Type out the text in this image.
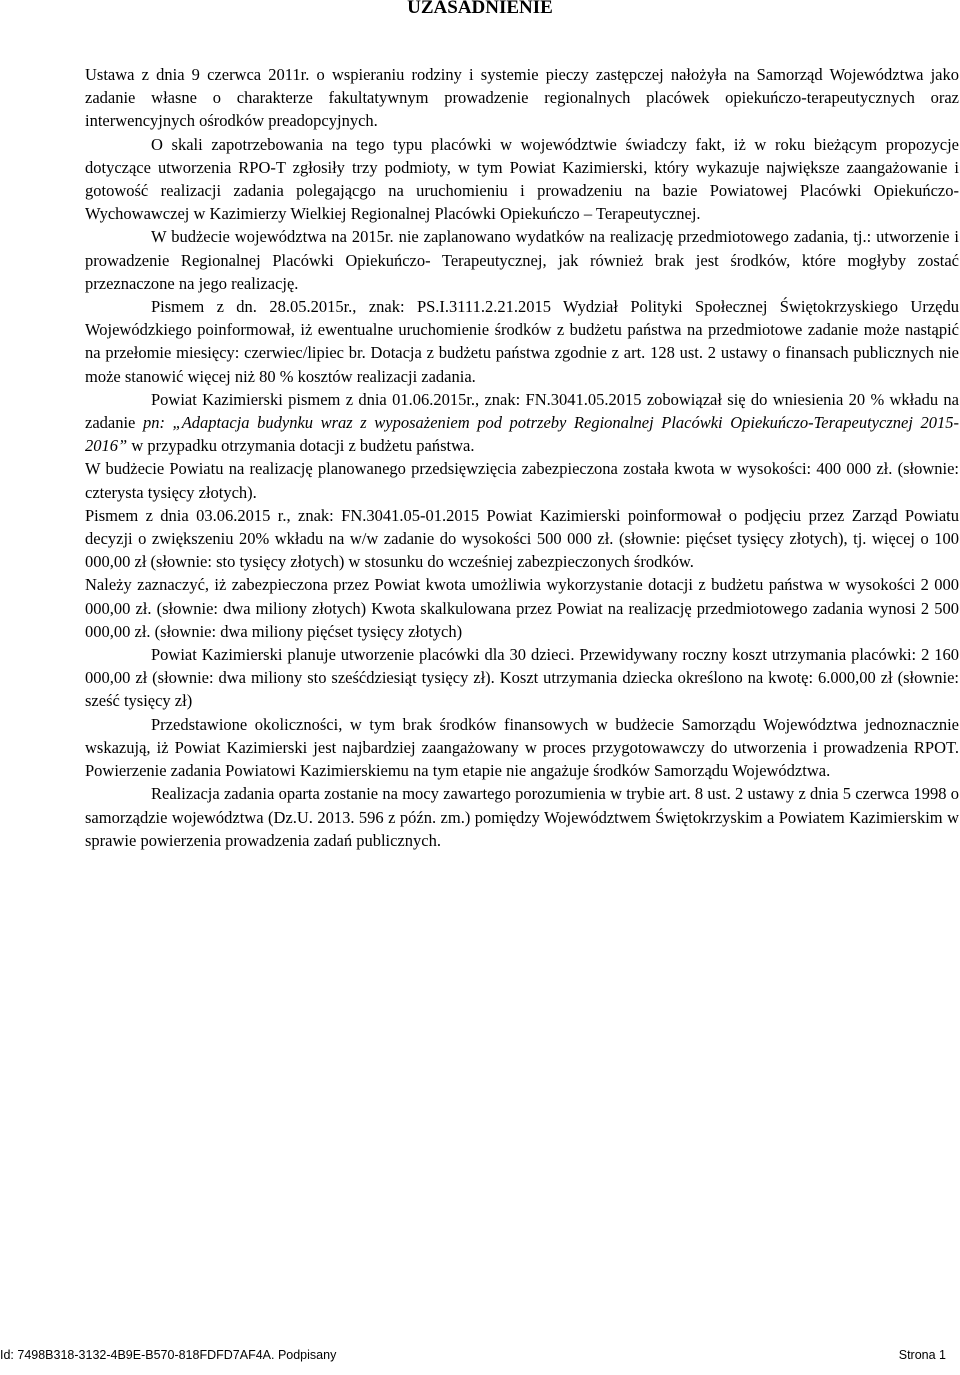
UZASADNIENIE

Ustawa z dnia 9 czerwca 2011r. o wspieraniu rodziny i systemie pieczy zastępczej nałożyła na Samorząd Województwa jako zadanie własne o charakterze fakultatywnym prowadzenie regionalnych placówek opiekuńczo-terapeutycznych oraz interwencyjnych ośrodków preadopcyjnych.

O skali zapotrzebowania na tego typu placówki w województwie świadczy fakt, iż w roku bieżącym propozycje dotyczące utworzenia RPO-T zgłosiły trzy podmioty, w tym Powiat Kazimierski, który wykazuje największe zaangażowanie i gotowość realizacji zadania polegającgo na uruchomieniu i prowadzeniu na bazie Powiatowej Placówki Opiekuńczo-Wychowawczej w Kazimierzy Wielkiej Regionalnej Placówki Opiekuńczo – Terapeutycznej.

W budżecie województwa na 2015r. nie zaplanowano wydatków na realizację przedmiotowego zadania, tj.: utworzenie i prowadzenie Regionalnej Placówki Opiekuńczo- Terapeutycznej, jak również brak jest środków, które mogłyby zostać przeznaczone na jego realizację.

Pismem z dn. 28.05.2015r., znak: PS.I.3111.2.21.2015 Wydział Polityki Społecznej Świętokrzyskiego Urzędu Wojewódzkiego poinformował, iż ewentualne uruchomienie środków z budżetu państwa na przedmiotowe zadanie może nastąpić na przełomie miesięcy: czerwiec/lipiec br. Dotacja z budżetu państwa zgodnie z art. 128 ust. 2 ustawy o finansach publicznych nie może stanowić więcej niż 80 % kosztów realizacji zadania.

Powiat Kazimierski pismem z dnia 01.06.2015r., znak: FN.3041.05.2015 zobowiązał się do wniesienia 20 % wkładu na zadanie pn: „Adaptacja budynku wraz z wyposażeniem pod potrzeby Regionalnej Placówki Opiekuńczo-Terapeutycznej 2015-2016” w przypadku otrzymania dotacji z budżetu państwa.

W budżecie Powiatu na realizację planowanego przedsięwzięcia zabezpieczona została kwota w wysokości: 400 000 zł. (słownie: czterysta tysięcy złotych).

Pismem z dnia 03.06.2015 r., znak: FN.3041.05-01.2015 Powiat Kazimierski poinformował o podjęciu przez Zarząd Powiatu decyzji o zwiększeniu 20% wkładu na w/w zadanie do wysokości 500 000 zł. (słownie: pięćset tysięcy złotych), tj. więcej o 100 000,00 zł (słownie: sto tysięcy złotych) w stosunku do wcześniej zabezpieczonych środków.

Należy zaznaczyć, iż zabezpieczona przez Powiat kwota umożliwia wykorzystanie dotacji z budżetu państwa w wysokości 2 000 000,00 zł. (słownie: dwa miliony złotych) Kwota skalkulowana przez Powiat na realizację przedmiotowego zadania wynosi 2 500 000,00 zł. (słownie: dwa miliony pięćset tysięcy złotych)

Powiat Kazimierski planuje utworzenie placówki dla 30 dzieci. Przewidywany roczny koszt utrzymania placówki: 2 160 000,00 zł (słownie: dwa miliony sto sześćdziesiąt tysięcy zł). Koszt utrzymania dziecka określono na kwotę: 6.000,00 zł (słownie: sześć tysięcy zł)

Przedstawione okoliczności, w tym brak środków finansowych w budżecie Samorządu Województwa jednoznacznie wskazują, iż Powiat Kazimierski jest najbardziej zaangażowany w proces przygotowawczy do utworzenia i prowadzenia RPOT. Powierzenie zadania Powiatowi Kazimierskiemu na tym etapie nie angażuje środków Samorządu Województwa.

Realizacja zadania oparta zostanie na mocy zawartego porozumienia w trybie art. 8 ust. 2 ustawy z dnia 5 czerwca 1998 o samorządzie województwa (Dz.U. 2013. 596 z późn. zm.) pomiędzy Województwem Świętokrzyskim a Powiatem Kazimierskim w sprawie powierzenia prowadzenia zadań publicznych.

Id: 7498B318-3132-4B9E-B570-818FDFD7AF4A. Podpisany	Strona 1
